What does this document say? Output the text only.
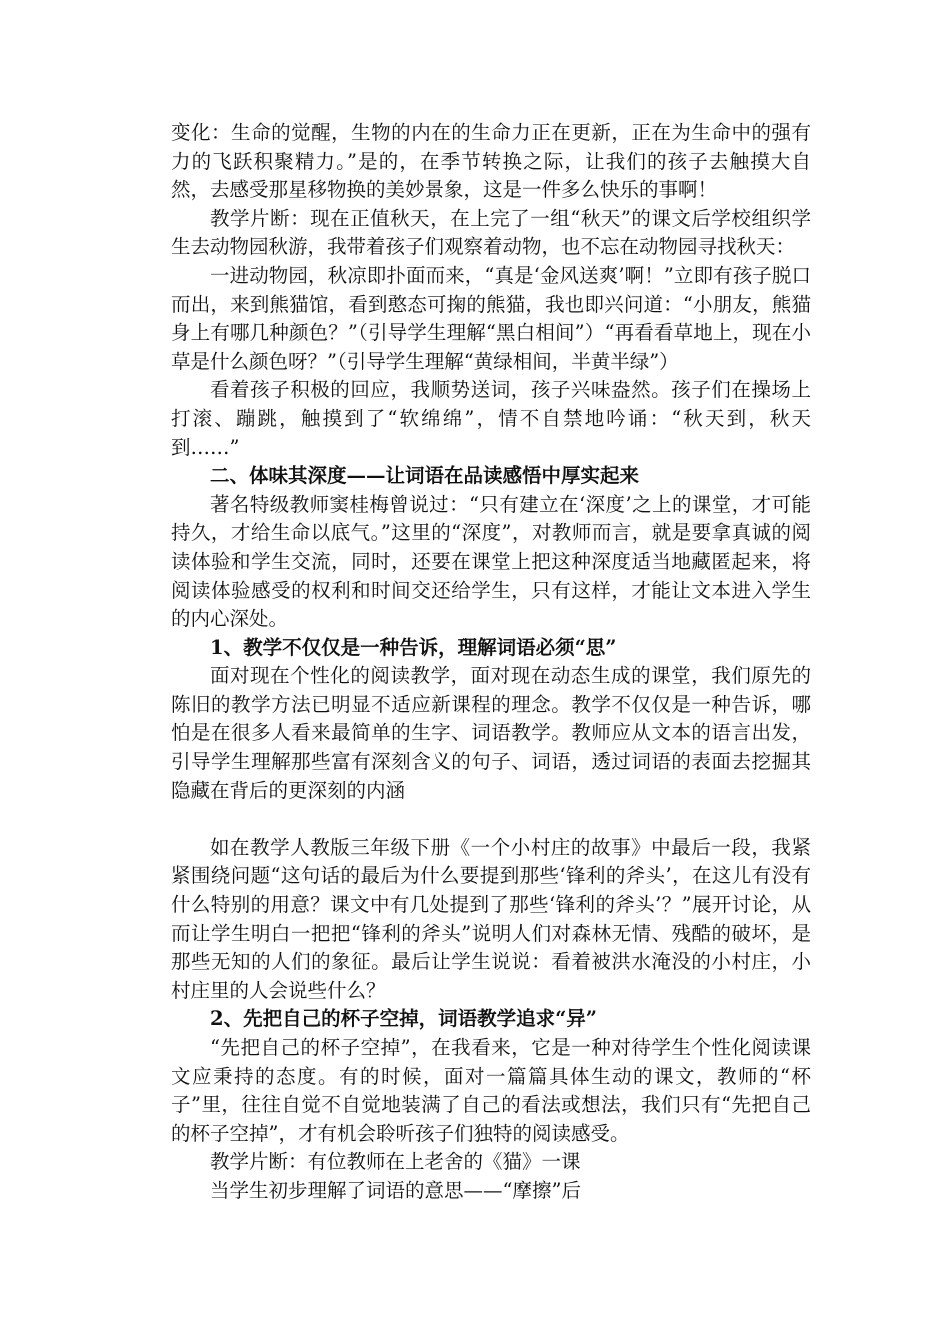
变化：生命的觉醒，生物的内在的生命力正在更新，正在为生命中的强有力的飞跃积聚精力。”是的，在季节转换之际，让我们的孩子去触摸大自然，去感受那星移物换的美妙景象，这是一件多么快乐的事啊！

教学片断：现在正值秋天，在上完了一组“秋天”的课文后学校组织学生去动物园秋游，我带着孩子们观察着动物，也不忘在动物园寻找秋天：

一进动物园，秋凉即扑面而来，“真是‘金风送爽’啊！”立即有孩子脱口而出，来到熊猫馆，看到憨态可掬的熊猫，我也即兴问道：“小朋友，熊猫身上有哪几种颜色？”（引导学生理解“黑白相间”）“再看看草地上，现在小草是什么颜色呀？”（引导学生理解“黄绿相间，半黄半绿”）

看着孩子积极的回应，我顺势送词，孩子兴味盎然。孩子们在操场上打滚、蹦跳，触摸到了“软绵绵”，情不自禁地吟诵：“秋天到，秋天到……”

二、体味其深度——让词语在品读感悟中厚实起来

著名特级教师窦桂梅曾说过：“只有建立在‘深度’之上的课堂，才可能持久，才给生命以底气。”这里的“深度”，对教师而言，就是要拿真诚的阅读体验和学生交流，同时，还要在课堂上把这种深度适当地藏匿起来，将阅读体验感受的权利和时间交还给学生，只有这样，才能让文本进入学生的内心深处。

1、教学不仅仅是一种告诉，理解词语必须“思”

面对现在个性化的阅读教学，面对现在动态生成的课堂，我们原先的陈旧的教学方法已明显不适应新课程的理念。教学不仅仅是一种告诉，哪怕是在很多人看来最简单的生字、词语教学。教师应从文本的语言出发，引导学生理解那些富有深刻含义的句子、词语，透过词语的表面去挖掘其隐藏在背后的更深刻的内涵

如在教学人教版三年级下册《一个小村庄的故事》中最后一段，我紧紧围绕问题“这句话的最后为什么要提到那些‘锋利的斧头’，在这儿有没有什么特别的用意？课文中有几处提到了那些‘锋利的斧头’？”展开讨论，从而让学生明白一把把“锋利的斧头”说明人们对森林无情、残酷的破坏，是那些无知的人们的象征。最后让学生说说：看着被洪水淹没的小村庄，小村庄里的人会说些什么？

2、先把自己的杯子空掉，词语教学追求“异”

“先把自己的杯子空掉”，在我看来，它是一种对待学生个性化阅读课文应秉持的态度。有的时候，面对一篇篇具体生动的课文，教师的“杯子”里，往往自觉不自觉地装满了自己的看法或想法，我们只有“先把自己的杯子空掉”，才有机会聆听孩子们独特的阅读感受。

教学片断：有位教师在上老舍的《猫》一课

当学生初步理解了词语的意思——“摩擦”后
